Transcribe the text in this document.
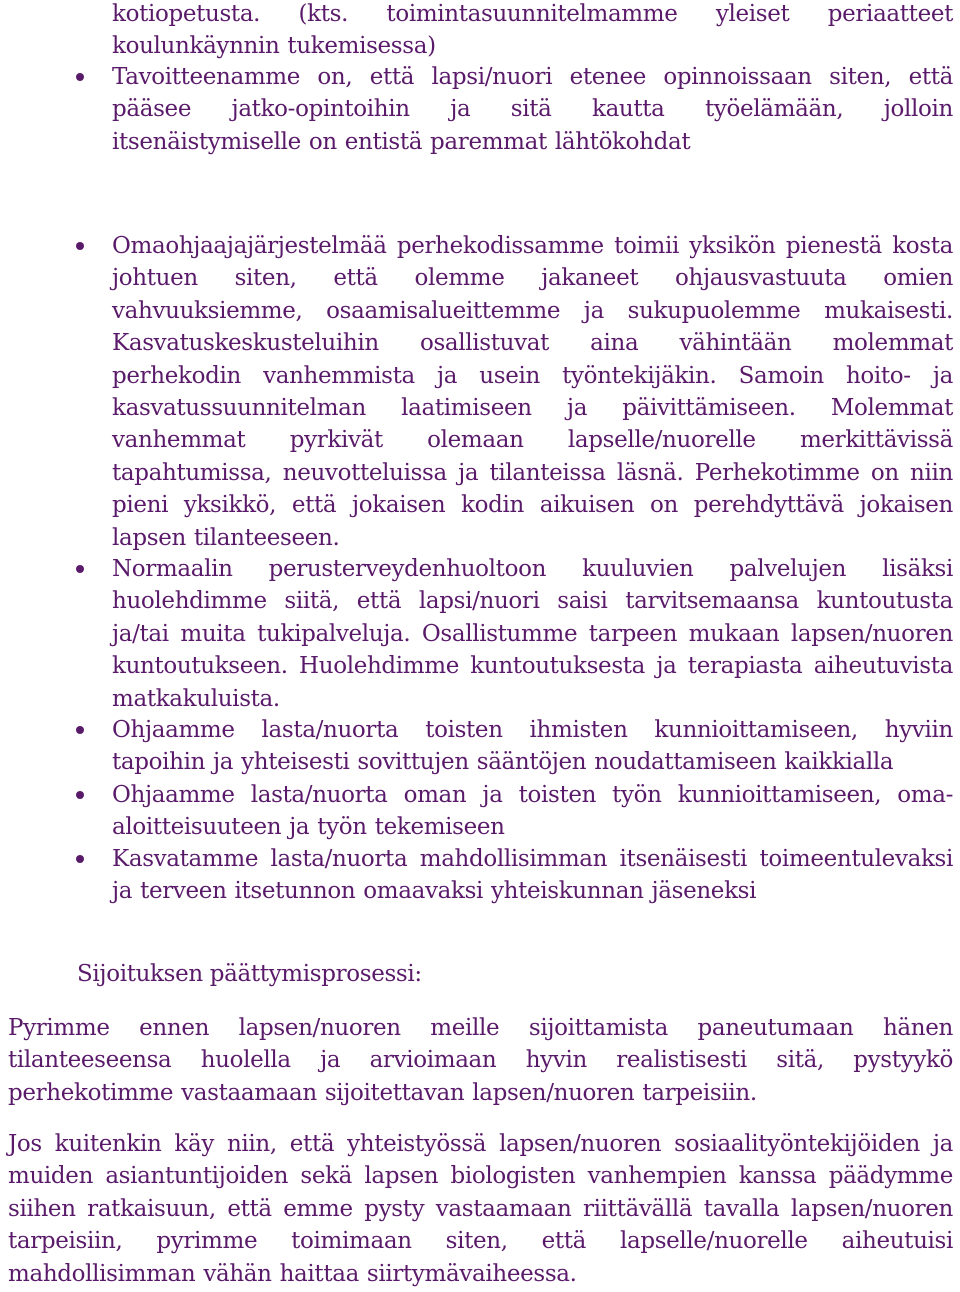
kotiopetusta. (kts. toimintasuunnitelmamme yleiset periaatteet koulunkäynnin tukemisessa)
Tavoitteenamme on, että lapsi/nuori etenee opinnoissaan siten, että pääsee jatko-opintoihin ja sitä kautta työelämään, jolloin itsenäistymiselle on entistä paremmat lähtökohdat
Omaohjaajajärjestelmää perhekodissamme toimii yksikön pienestä kosta johtuen siten, että olemme jakaneet ohjausvastuuta omien vahvuuksiemme, osaamisalueittemme ja sukupuolemme mukaisesti. Kasvatuskeskusteluihin osallistuvat aina vähintään molemmat perhekodin vanhemmista ja usein työntekijäkin. Samoin hoito- ja kasvatussuunnitelman laatimiseen ja päivittämiseen. Molemmat vanhemmat pyrkivät olemaan lapselle/nuorelle merkittävissä tapahtumissa, neuvotteluissa ja tilanteissa läsnä. Perhekotimme on niin pieni yksikkö, että jokaisen kodin aikuisen on perehdyttävä jokaisen lapsen tilanteeseen.
Normaalin perusterveydenhuoltoon kuuluvien palvelujen lisäksi huolehdimme siitä, että lapsi/nuori saisi tarvitsemaansa kuntoutusta ja/tai muita tukipalveluja. Osallistumme tarpeen mukaan lapsen/nuoren kuntoutukseen. Huolehdimme kuntoutuksesta ja terapiasta aiheutuvista matkakuluista.
Ohjaamme lasta/nuorta toisten ihmisten kunnioittamiseen, hyviin tapoihin ja yhteisesti sovittujen sääntöjen noudattamiseen kaikkialla
Ohjaamme lasta/nuorta oman ja toisten työn kunnioittamiseen, oma-aloitteisuuteen ja työn tekemiseen
Kasvatamme lasta/nuorta mahdollisimman itsenäisesti toimeentulevaksi ja terveen itsetunnon omaavaksi yhteiskunnan jäseneksi
Sijoituksen päättymisprosessi:
Pyrimme ennen lapsen/nuoren meille sijoittamista paneutumaan hänen tilanteeseensa huolella ja arvioimaan hyvin realistisesti sitä, pystyykö perhekotimme vastaamaan sijoitettavan lapsen/nuoren tarpeisiin.
Jos kuitenkin käy niin, että yhteistyössä lapsen/nuoren sosiaalityöntekijöiden ja muiden asiantuntijoiden sekä lapsen biologisten vanhempien kanssa päädymme siihen ratkaisuun, että emme pysty vastaamaan riittävällä tavalla lapsen/nuoren tarpeisiin, pyrimme toimimaan siten, että lapselle/nuorelle aiheutuisi mahdollisimman vähän haittaa siirtymävaiheessa.
